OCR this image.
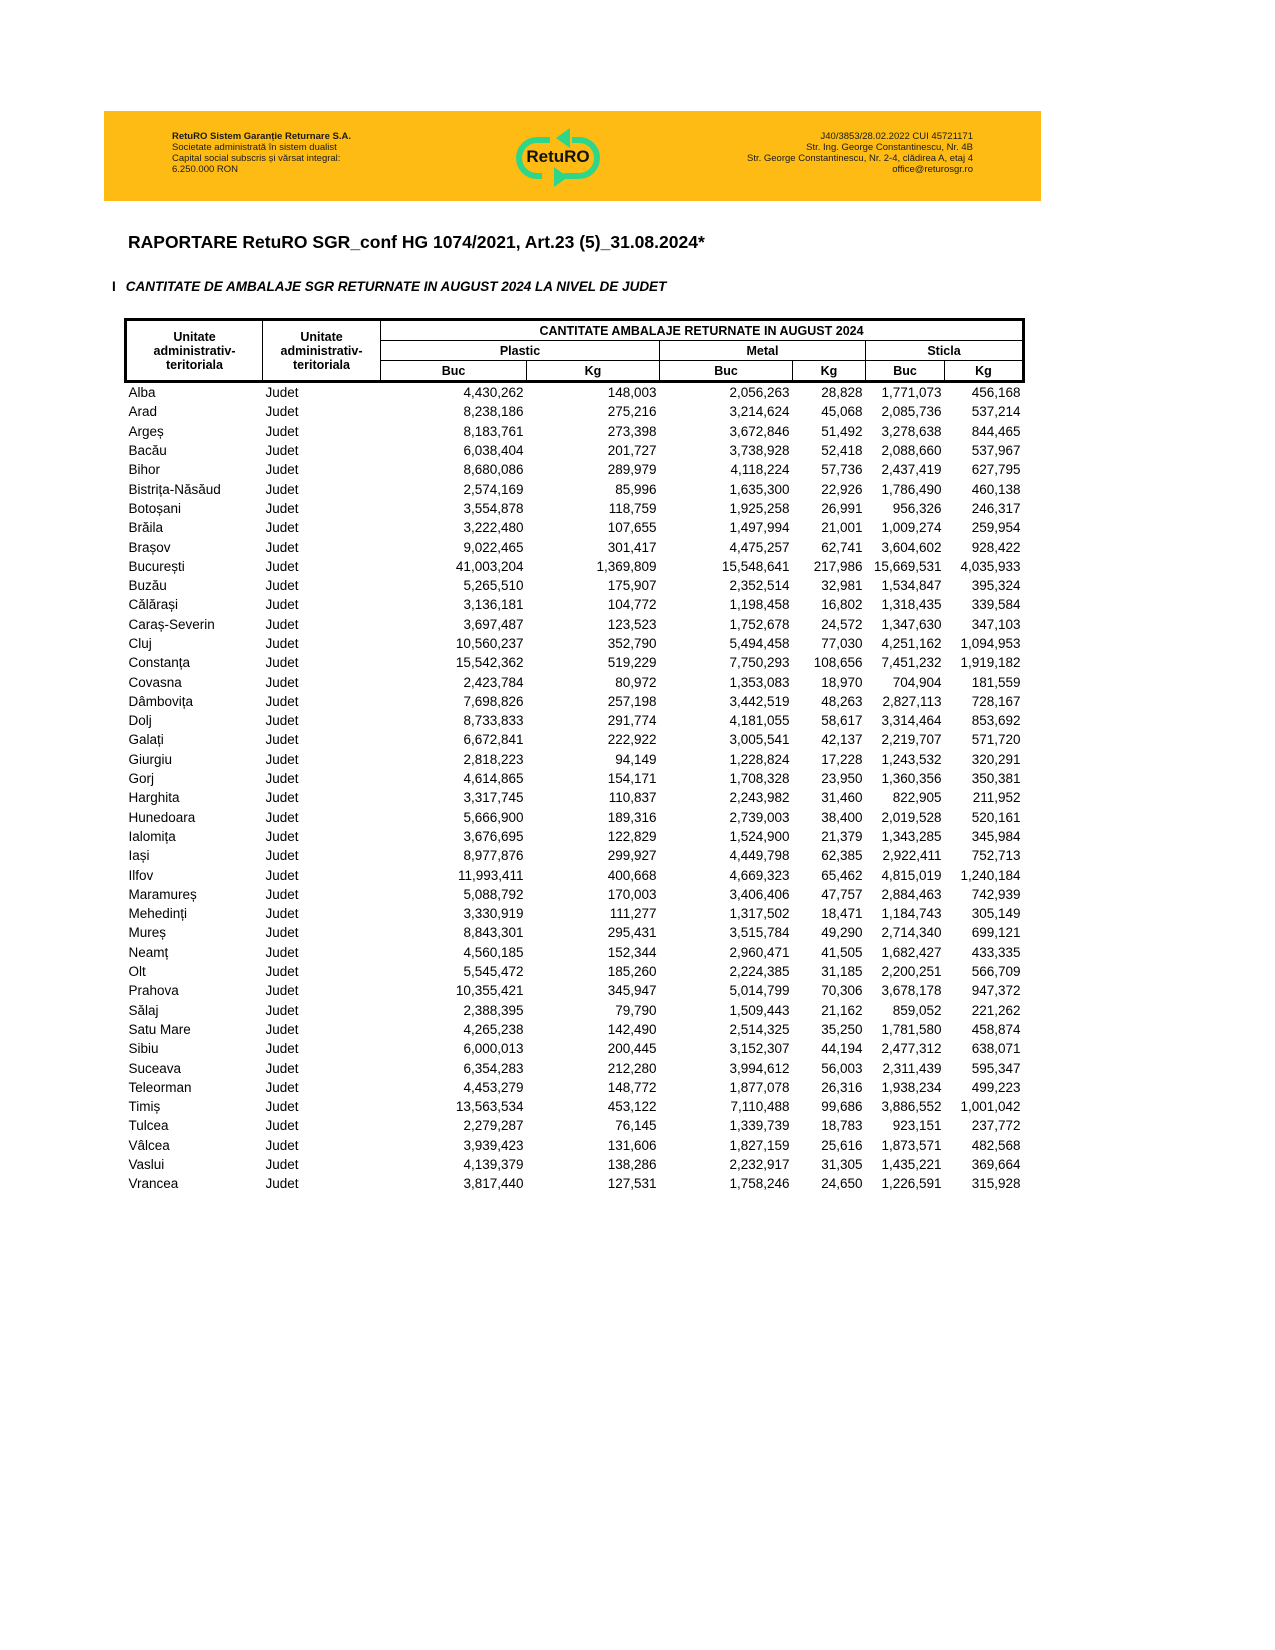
RetuRO Sistem Garanție Returnare S.A.
Societate administrată în sistem dualist
Capital social subscris și vărsat integral:
6.250.000 RON
RetuRO
J40/3853/28.02.2022 CUI 45721171
Str. Ing. George Constantinescu, Nr. 4B
Str. George Constantinescu, Nr. 2-4, clădirea A, etaj 4
office@returosgr.ro
RAPORTARE RetuRO SGR_conf HG 1074/2021, Art.23 (5)_31.08.2024*
I CANTITATE DE AMBALAJE SGR RETURNATE IN AUGUST 2024 LA NIVEL DE JUDET
Unitate
administrativ-
teritoriala

Unitate
administrativ-
teritoriala
	CANTITATE AMBALAJE RETURNATE IN AUGUST 2024
		Plastic		Metal		Sticla	
		Buc	Kg	Buc	Kg	Buc	Kg
Alba	Judet	4,430,262	148,003	2,056,263	28,828	1,771,073	456,168
Arad	Judet	8,238,186	275,216	3,214,624	45,068	2,085,736	537,214
Argeș	Judet	8,183,761	273,398	3,672,846	51,492	3,278,638	844,465
Bacău	Judet	6,038,404	201,727	3,738,928	52,418	2,088,660	537,967
Bihor	Judet	8,680,086	289,979	4,118,224	57,736	2,437,419	627,795
Bistrița-Năsăud	Judet	2,574,169	85,996	1,635,300	22,926	1,786,490	460,138
Botoșani	Judet	3,554,878	118,759	1,925,258	26,991	956,326	246,317
Brăila	Judet	3,222,480	107,655	1,497,994	21,001	1,009,274	259,954
Brașov	Judet	9,022,465	301,417	4,475,257	62,741	3,604,602	928,422
București	Judet	41,003,204	1,369,809	15,548,641	217,986	15,669,531	4,035,933
Buzău	Judet	5,265,510	175,907	2,352,514	32,981	1,534,847	395,324
Călărași	Judet	3,136,181	104,772	1,198,458	16,802	1,318,435	339,584
Caraș-Severin	Judet	3,697,487	123,523	1,752,678	24,572	1,347,630	347,103
Cluj	Judet	10,560,237	352,790	5,494,458	77,030	4,251,162	1,094,953
Constanța	Judet	15,542,362	519,229	7,750,293	108,656	7,451,232	1,919,182
Covasna	Judet	2,423,784	80,972	1,353,083	18,970	704,904	181,559
Dâmbovița	Judet	7,698,826	257,198	3,442,519	48,263	2,827,113	728,167
Dolj	Judet	8,733,833	291,774	4,181,055	58,617	3,314,464	853,692
Galați	Judet	6,672,841	222,922	3,005,541	42,137	2,219,707	571,720
Giurgiu	Judet	2,818,223	94,149	1,228,824	17,228	1,243,532	320,291
Gorj	Judet	4,614,865	154,171	1,708,328	23,950	1,360,356	350,381
Harghita	Judet	3,317,745	110,837	2,243,982	31,460	822,905	211,952
Hunedoara	Judet	5,666,900	189,316	2,739,003	38,400	2,019,528	520,161
Ialomița	Judet	3,676,695	122,829	1,524,900	21,379	1,343,285	345,984
Iași	Judet	8,977,876	299,927	4,449,798	62,385	2,922,411	752,713
Ilfov	Judet	11,993,411	400,668	4,669,323	65,462	4,815,019	1,240,184
Maramureș	Judet	5,088,792	170,003	3,406,406	47,757	2,884,463	742,939
Mehedinți	Judet	3,330,919	111,277	1,317,502	18,471	1,184,743	305,149
Mureș	Judet	8,843,301	295,431	3,515,784	49,290	2,714,340	699,121
Neamț	Judet	4,560,185	152,344	2,960,471	41,505	1,682,427	433,335
Olt	Judet	5,545,472	185,260	2,224,385	31,185	2,200,251	566,709
Prahova	Judet	10,355,421	345,947	5,014,799	70,306	3,678,178	947,372
Sălaj	Judet	2,388,395	79,790	1,509,443	21,162	859,052	221,262
Satu Mare	Judet	4,265,238	142,490	2,514,325	35,250	1,781,580	458,874
Sibiu	Judet	6,000,013	200,445	3,152,307	44,194	2,477,312	638,071
Suceava	Judet	6,354,283	212,280	3,994,612	56,003	2,311,439	595,347
Teleorman	Judet	4,453,279	148,772	1,877,078	26,316	1,938,234	499,223
Timiș	Judet	13,563,534	453,122	7,110,488	99,686	3,886,552	1,001,042
Tulcea	Judet	2,279,287	76,145	1,339,739	18,783	923,151	237,772
Vâlcea	Judet	3,939,423	131,606	1,827,159	25,616	1,873,571	482,568
Vaslui	Judet	4,139,379	138,286	2,232,917	31,305	1,435,221	369,664
Vrancea	Judet	3,817,440	127,531	1,758,246	24,650	1,226,591	315,928
